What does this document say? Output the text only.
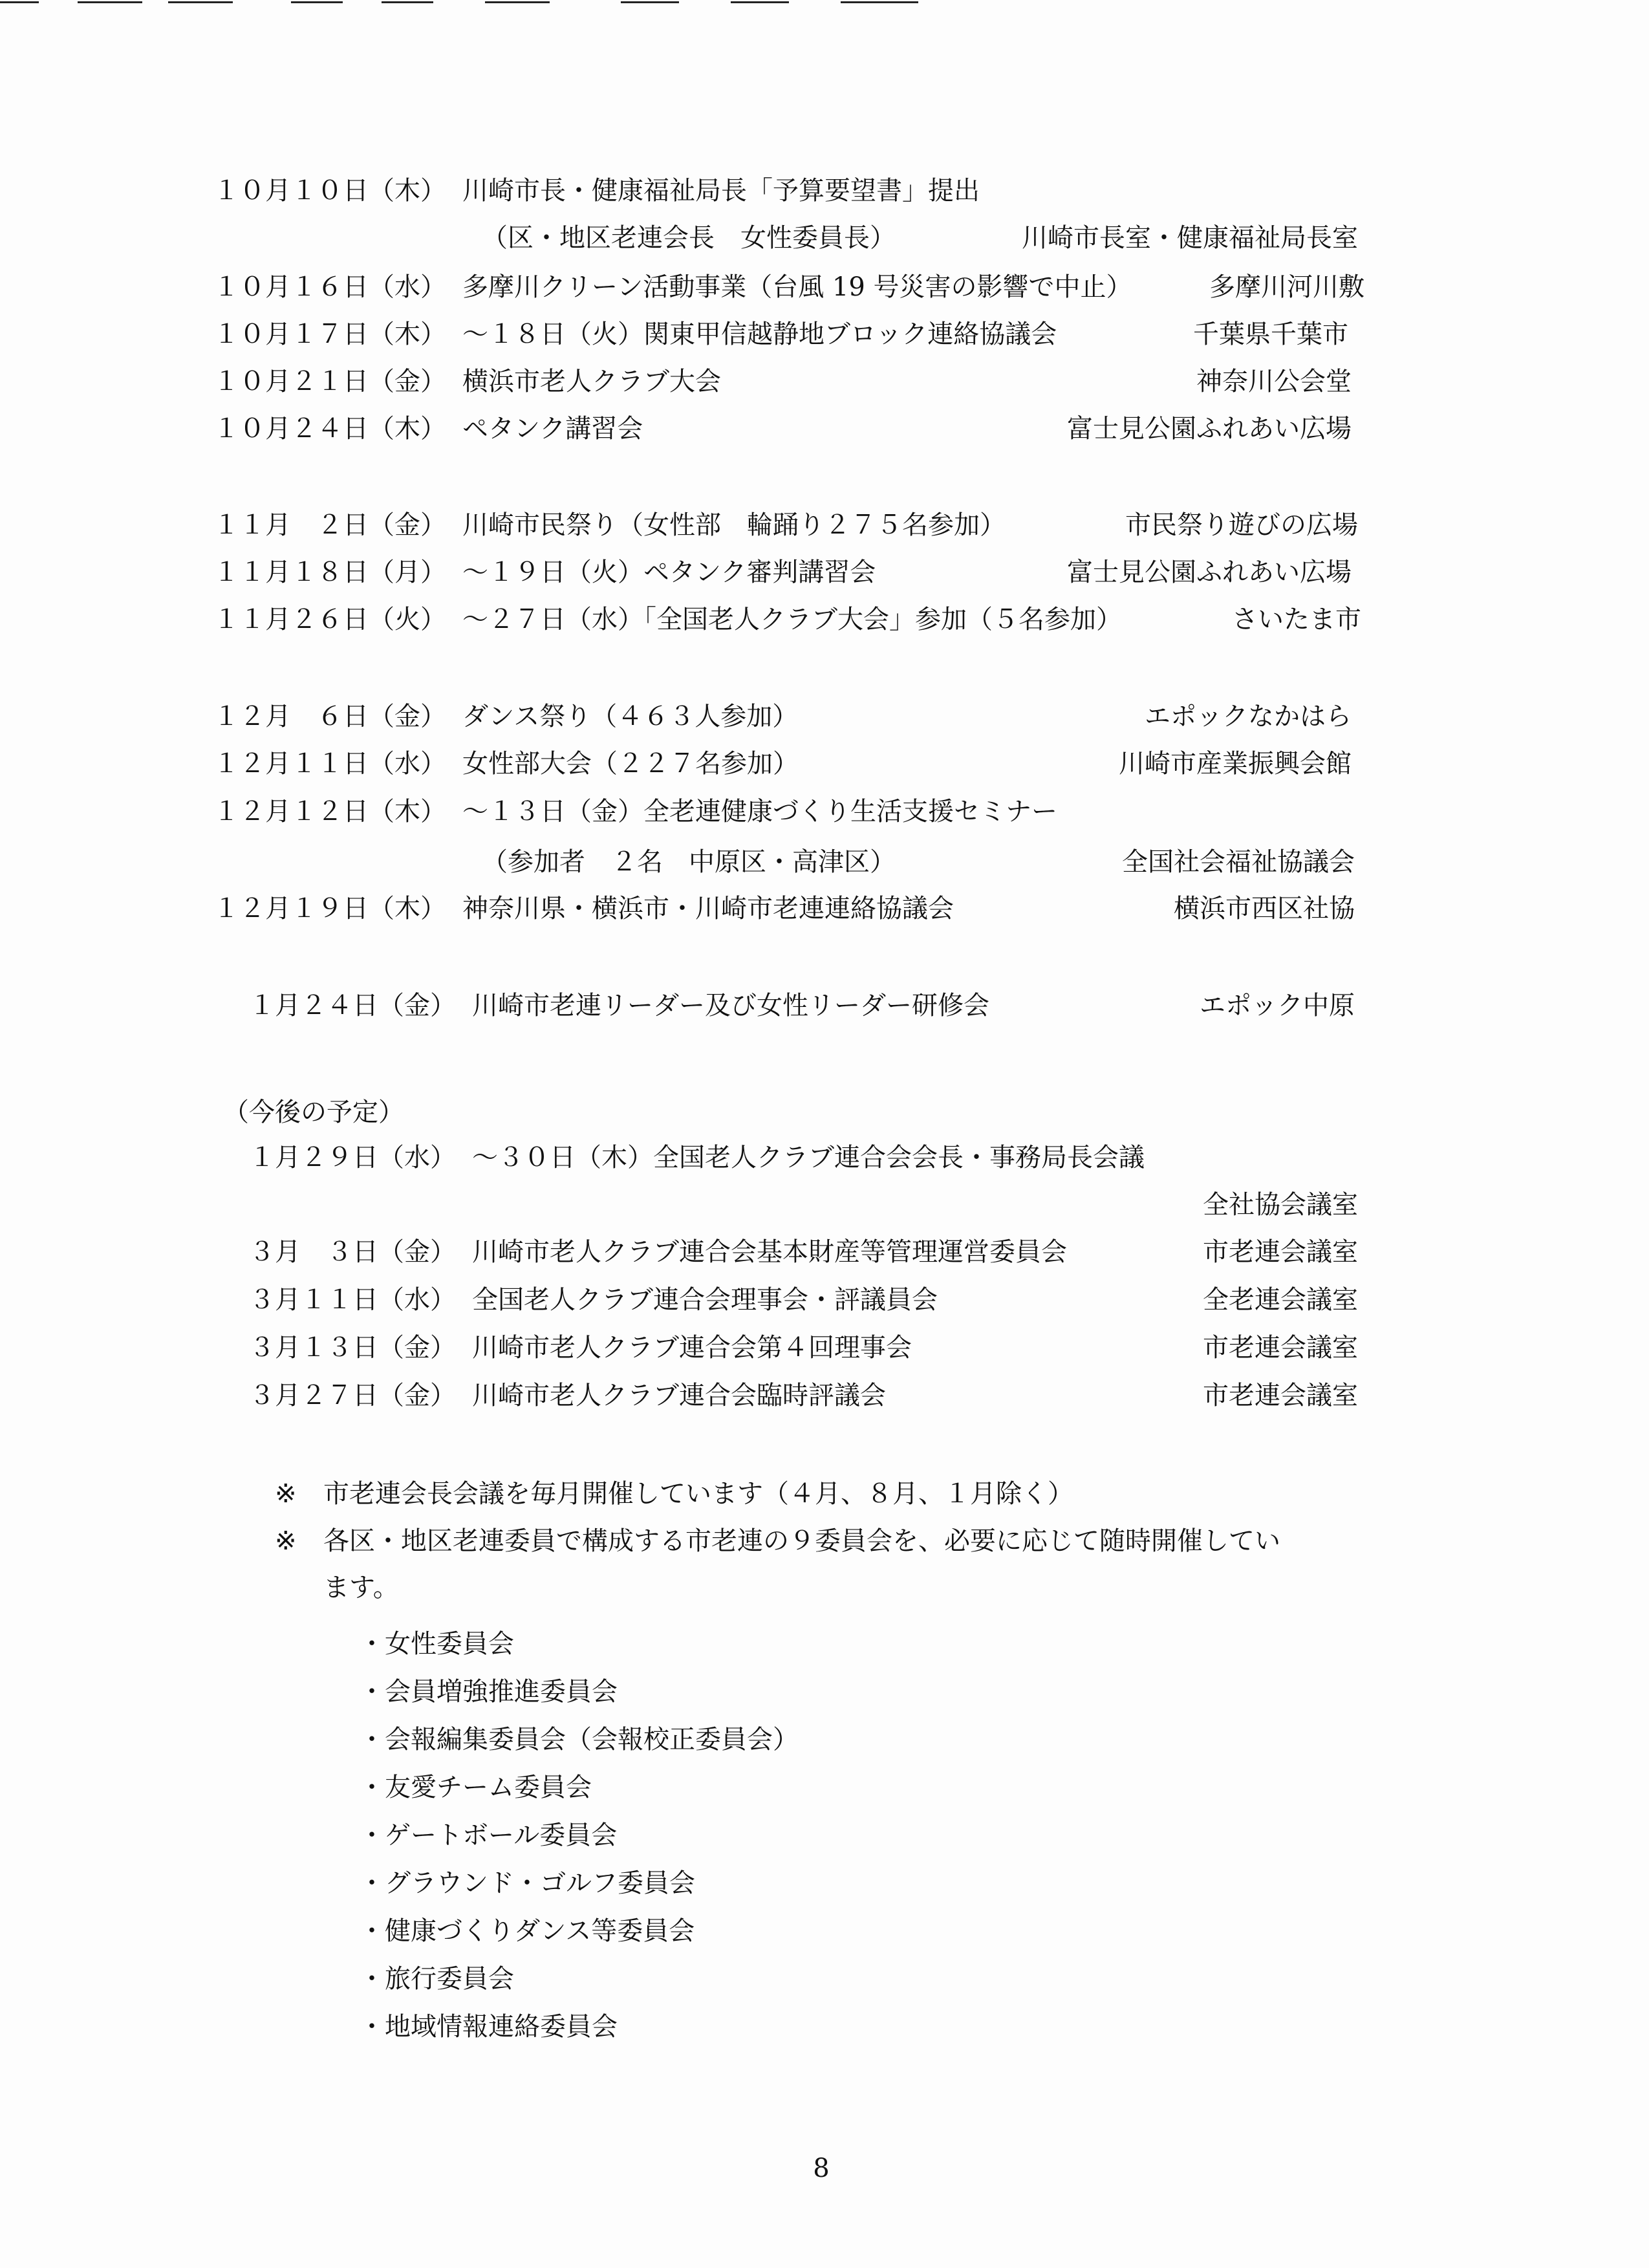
１０月１０日（木） 川崎市長・健康福祉局長「予算要望書」提出
（区・地区老連会長　女性委員長）	川崎市長室・健康福祉局長室
１０月１６日（水） 多摩川クリーン活動事業（台風 19 号災害の影響で中止）	多摩川河川敷
１０月１７日（木） ～１８日（火）関東甲信越静地ブロック連絡協議会	千葉県千葉市
１０月２１日（金） 横浜市老人クラブ大会	神奈川公会堂
１０月２４日（木） ペタンク講習会	富士見公園ふれあい広場
１１月　２日（金） 川崎市民祭り（女性部　輪踊り２７５名参加）	市民祭り遊びの広場
１１月１８日（月） ～１９日（火）ペタンク審判講習会	富士見公園ふれあい広場
１１月２６日（火） ～２７日（水）「全国老人クラブ大会」参加（５名参加）	さいたま市
１２月　６日（金） ダンス祭り（４６３人参加）	エポックなかはら
１２月１１日（水） 女性部大会（２２７名参加）	川崎市産業振興会館
１２月１２日（木） ～１３日（金）全老連健康づくり生活支援セミナー
（参加者　２名　中原区・高津区）	全国社会福祉協議会
１２月１９日（木） 神奈川県・横浜市・川崎市老連連絡協議会	横浜市西区社協
１月２４日（金） 川崎市老連リーダー及び女性リーダー研修会	エポック中原
（今後の予定）
１月２９日（水） ～３０日（木）全国老人クラブ連合会会長・事務局長会議
全社協会議室
３月　３日（金） 川崎市老人クラブ連合会基本財産等管理運営委員会	市老連会議室
３月１１日（水） 全国老人クラブ連合会理事会・評議員会	全老連会議室
３月１３日（金） 川崎市老人クラブ連合会第４回理事会	市老連会議室
３月２７日（金） 川崎市老人クラブ連合会臨時評議会	市老連会議室
※ 市老連会長会議を毎月開催しています（４月、８月、１月除く）
※ 各区・地区老連委員で構成する市老連の９委員会を、必要に応じて随時開催してい
ます。
・女性委員会
・会員増強推進委員会
・会報編集委員会（会報校正委員会）
・友愛チーム委員会
・ゲートボール委員会
・グラウンド・ゴルフ委員会
・健康づくりダンス等委員会
・旅行委員会
・地域情報連絡委員会
8
